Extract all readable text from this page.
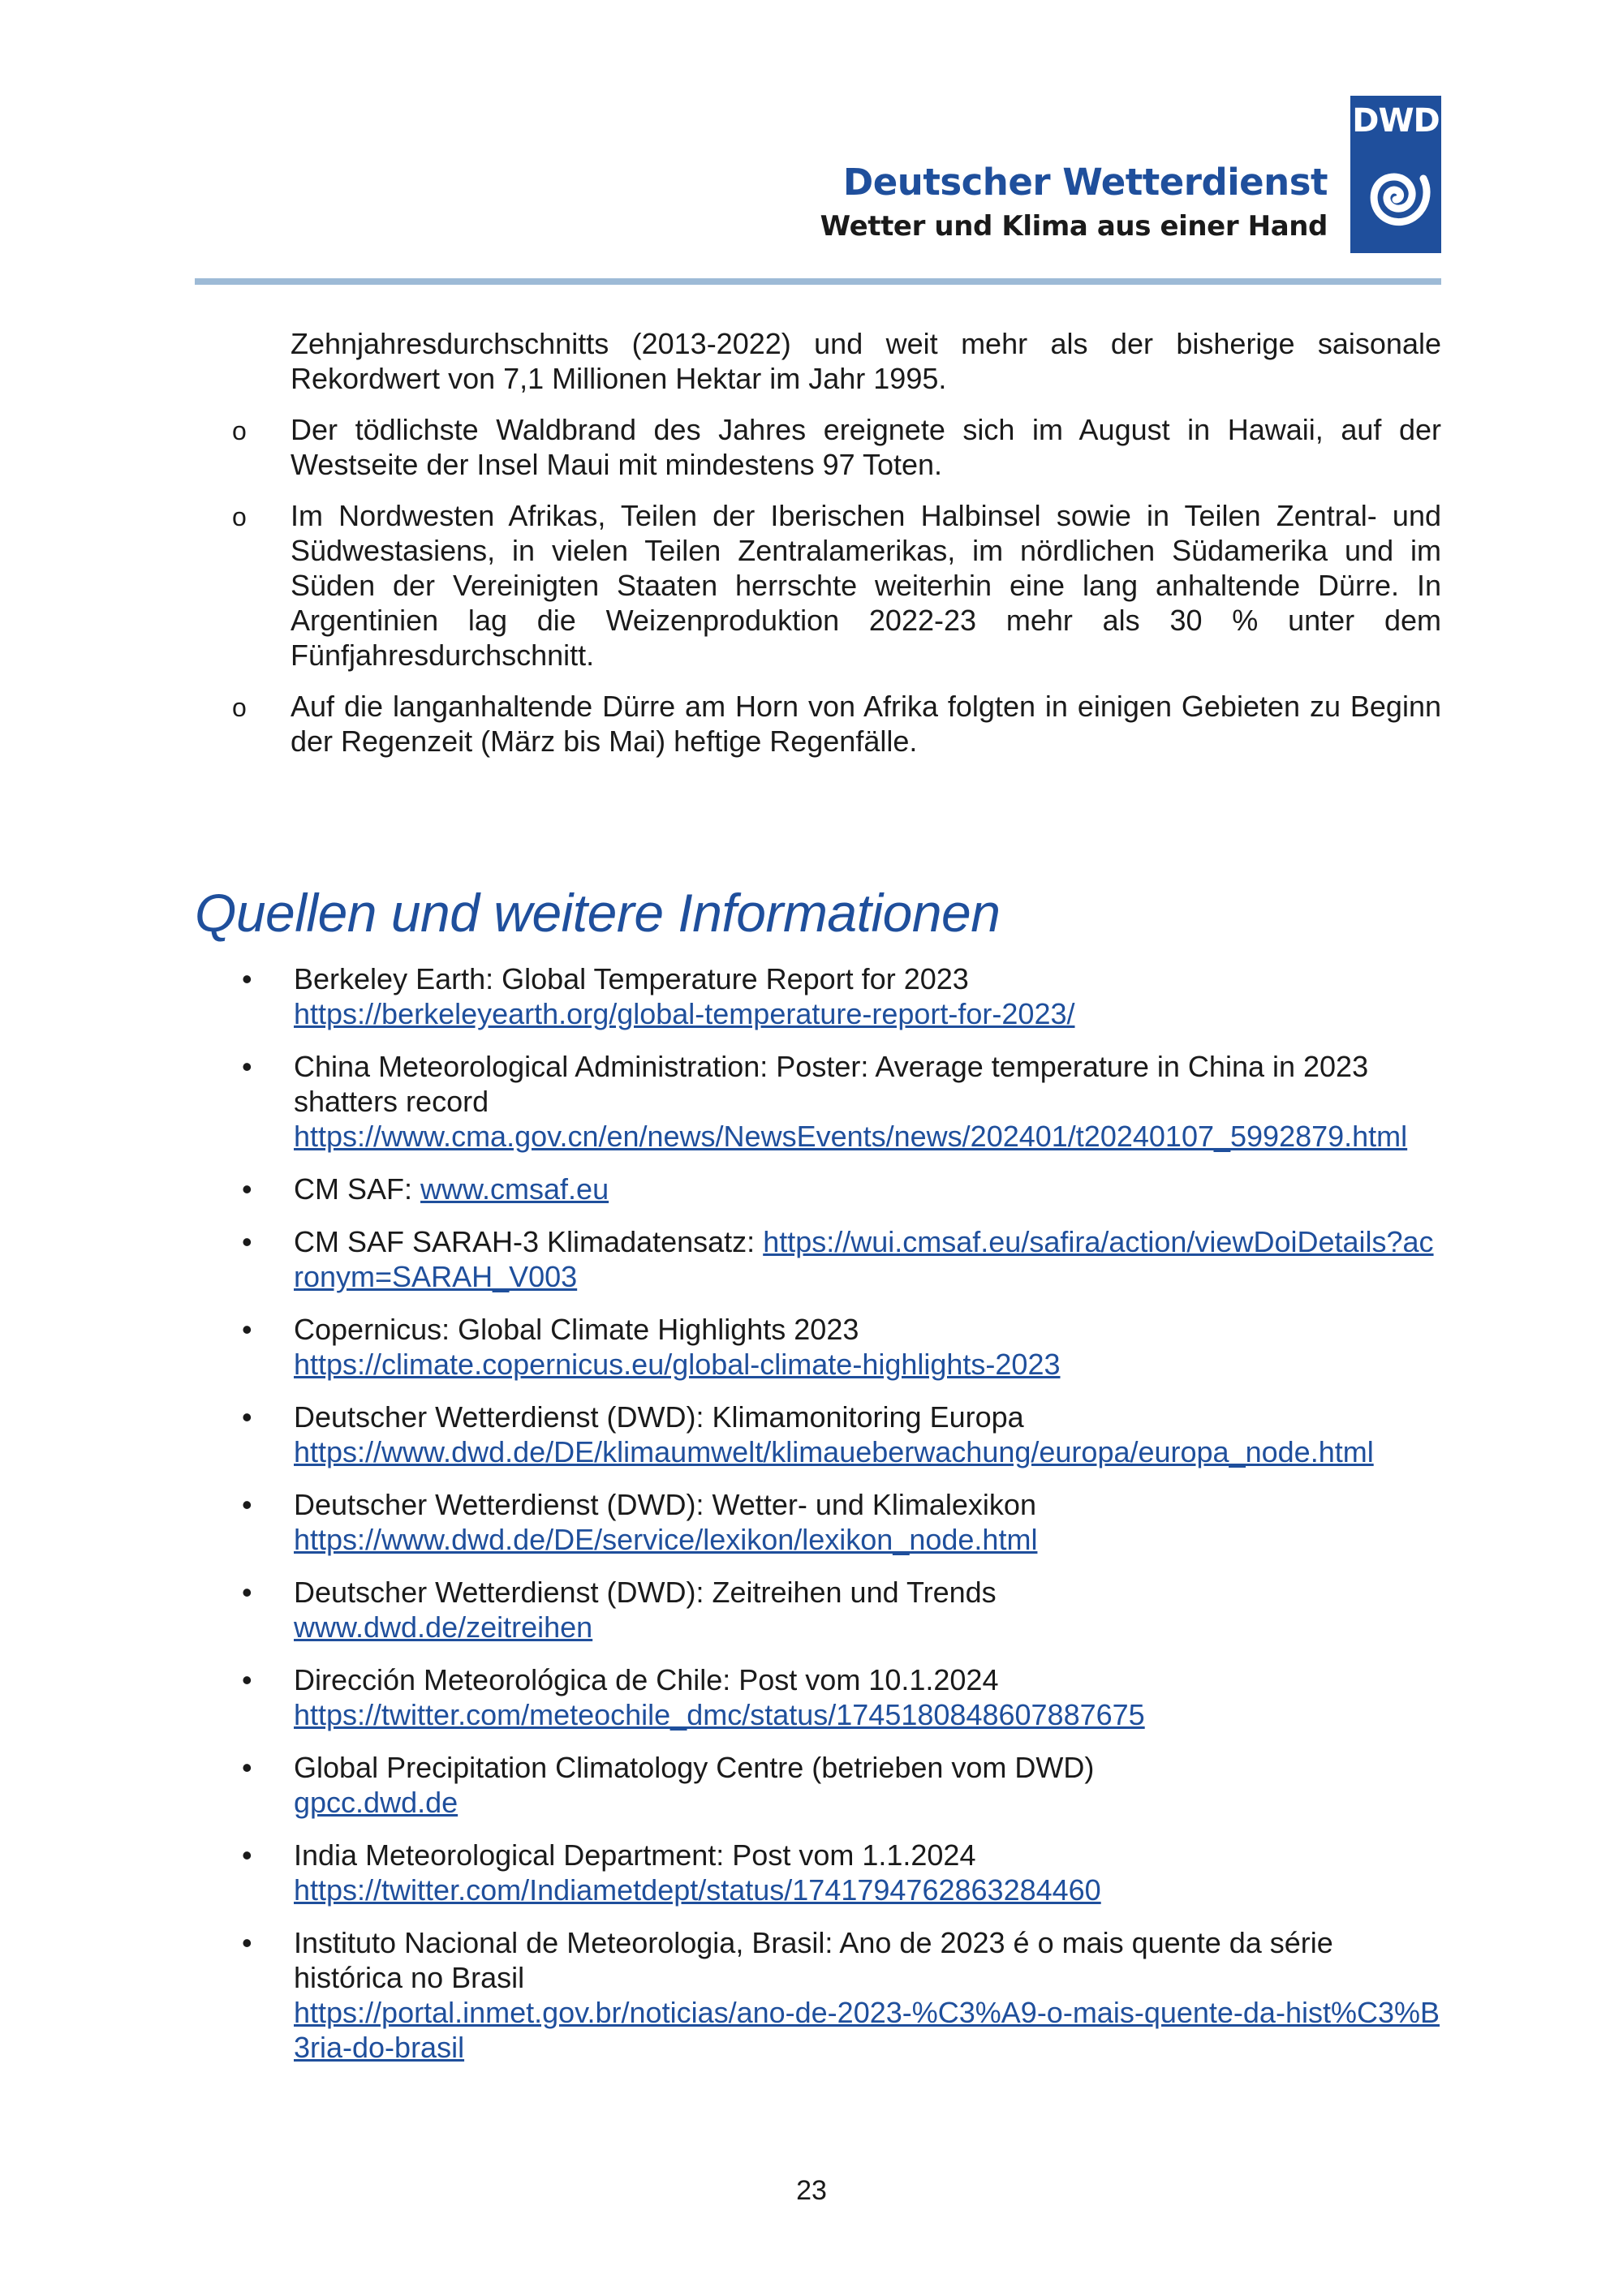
Deutscher Wetterdienst
Wetter und Klima aus einer Hand
DWD

Zehnjahresdurchschnitts (2013-2022) und weit mehr als der bisherige saisonale Rekordwert von 7,1 Millionen Hektar im Jahr 1995.

o Der tödlichste Waldbrand des Jahres ereignete sich im August in Hawaii, auf der Westseite der Insel Maui mit mindestens 97 Toten.
o Im Nordwesten Afrikas, Teilen der Iberischen Halbinsel sowie in Teilen Zentral- und Südwestasiens, in vielen Teilen Zentralamerikas, im nördlichen Südamerika und im Süden der Vereinigten Staaten herrschte weiterhin eine lang anhaltende Dürre. In Argentinien lag die Weizenproduktion 2022-23 mehr als 30 % unter dem Fünfjahresdurchschnitt.
o Auf die langanhaltende Dürre am Horn von Afrika folgten in einigen Gebieten zu Beginn der Regenzeit (März bis Mai) heftige Regenfälle.
Quellen und weitere Informationen
• Berkeley Earth: Global Temperature Report for 2023
https://berkeleyearth.org/global-temperature-report-for-2023/
• China Meteorological Administration: Poster: Average temperature in China in 2023 shatters record
https://www.cma.gov.cn/en/news/NewsEvents/news/202401/t20240107_5992879.html
• CM SAF: www.cmsaf.eu
• CM SAF SARAH-3 Klimadatensatz: https://wui.cmsaf.eu/safira/action/viewDoiDetails?acronym=SARAH_V003
• Copernicus: Global Climate Highlights 2023
https://climate.copernicus.eu/global-climate-highlights-2023
• Deutscher Wetterdienst (DWD): Klimamonitoring Europa
https://www.dwd.de/DE/klimaumwelt/klimaueberwachung/europa/europa_node.html
• Deutscher Wetterdienst (DWD): Wetter- und Klimalexikon
https://www.dwd.de/DE/service/lexikon/lexikon_node.html
• Deutscher Wetterdienst (DWD): Zeitreihen und Trends
www.dwd.de/zeitreihen
• Dirección Meteorológica de Chile: Post vom 10.1.2024
https://twitter.com/meteochile_dmc/status/1745180848607887675
• Global Precipitation Climatology Centre (betrieben vom DWD)
gpcc.dwd.de
• India Meteorological Department: Post vom 1.1.2024
https://twitter.com/Indiametdept/status/1741794762863284460
• Instituto Nacional de Meteorologia, Brasil: Ano de 2023 é o mais quente da série histórica no Brasil
https://portal.inmet.gov.br/noticias/ano-de-2023-%C3%A9-o-mais-quente-da-hist%C3%B3ria-do-brasil
23
